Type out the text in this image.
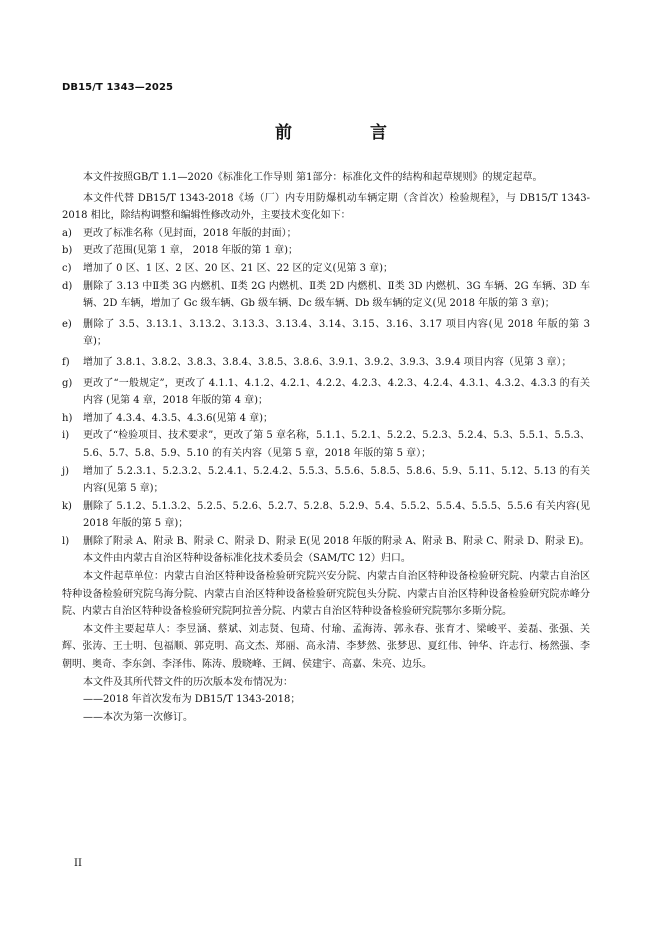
DB15/T 1343—2025
前 言

本文件按照GB/T 1.1—2020《标准化工作导则 第1部分：标准化文件的结构和起草规则》的规定起草。

本文件代替 DB15/T 1343-2018《场（厂）内专用防爆机动车辆定期（含首次）检验规程》，与 DB15/T 1343-2018 相比，除结构调整和编辑性修改动外，主要技术变化如下：

a)	更改了标准名称（见封面，2018 年版的封面）；
b)	更改了范围(见第 1 章， 2018 年版的第 1 章)；
c)	增加了 0 区、1 区、2 区、20 区、21 区、22 区的定义(见第 3 章)；
d)	删除了 3.13 中Ⅱ类 3G 内燃机、Ⅱ类 2G 内燃机、Ⅱ类 2D 内燃机、Ⅱ类 3D 内燃机、3G 车辆、2G 车辆、3D 车辆、2D 车辆，增加了 Gc 级车辆、Gb 级车辆、Dc 级车辆、Db 级车辆的定义(见 2018 年版的第 3 章)；
e)	删除了 3.5、3.13.1、3.13.2、3.13.3、3.13.4、3.14、3.15、3.16、3.17 项目内容(见 2018 年版的第 3 章)；
f)	增加了 3.8.1、3.8.2、3.8.3、3.8.4、3.8.5、3.8.6、3.9.1、3.9.2、3.9.3、3.9.4 项目内容（见第 3 章）；
g)	更改了“一般规定”，更改了 4.1.1、4.1.2、4.2.1、4.2.2、4.2.3、4.2.3、4.2.4、4.3.1、4.3.2、4.3.3 的有关内容 (见第 4 章，2018 年版的第 4 章)；
h)	增加了 4.3.4、4.3.5、4.3.6(见第 4 章)；
i)	更改了“检验项目、技术要求”，更改了第 5 章名称，5.1.1、5.2.1、5.2.2、5.2.3、5.2.4、5.3、5.5.1、5.5.3、5.6、5.7、5.8、5.9、5.10 的有关内容（见第 5 章，2018 年版的第 5 章）；
j)	增加了 5.2.3.1、5.2.3.2、5.2.4.1、5.2.4.2、5.5.3、5.5.6、5.8.5、5.8.6、5.9、5.11、5.12、5.13 的有关内容(见第 5 章)；
k)	删除了 5.1.2、5.1.3.2、5.2.5、5.2.6、5.2.7、5.2.8、5.2.9、5.4、5.5.2、5.5.4、5.5.5、5.5.6 有关内容(见 2018 年版的第 5 章)；
l)	删除了附录 A、附录 B、附录 C、附录 D、附录 E(见 2018 年版的附录 A、附录 B、附录 C、附录 D、附录 E)。

本文件由内蒙古自治区特种设备标准化技术委员会（SAM/TC 12）归口。

本文件起草单位：内蒙古自治区特种设备检验研究院兴安分院、内蒙古自治区特种设备检验研究院、内蒙古自治区特种设备检验研究院乌海分院、内蒙古自治区特种设备检验研究院包头分院、内蒙古自治区特种设备检验研究院赤峰分院、内蒙古自治区特种设备检验研究院阿拉善分院、内蒙古自治区特种设备检验研究院鄂尔多斯分院。

本文件主要起草人：李昱涵、蔡斌、刘志贤、包琦、付瑜、孟海涛、郭永春、张育才、梁峻平、姜磊、张强、关辉、张涛、王士明、包福顺、郭克明、高文杰、郑丽、高永清、李梦然、张梦思、夏红伟、钟华、许志行、杨然强、李朝明、奥奇、李东剑、李泽伟、陈涛、殷晓峰、王阔、侯建宇、高嘉、朱亮、边乐。

本文件及其所代替文件的历次版本发布情况为：

——2018 年首次发布为 DB15/T 1343-2018；

——本次为第一次修订。

II
